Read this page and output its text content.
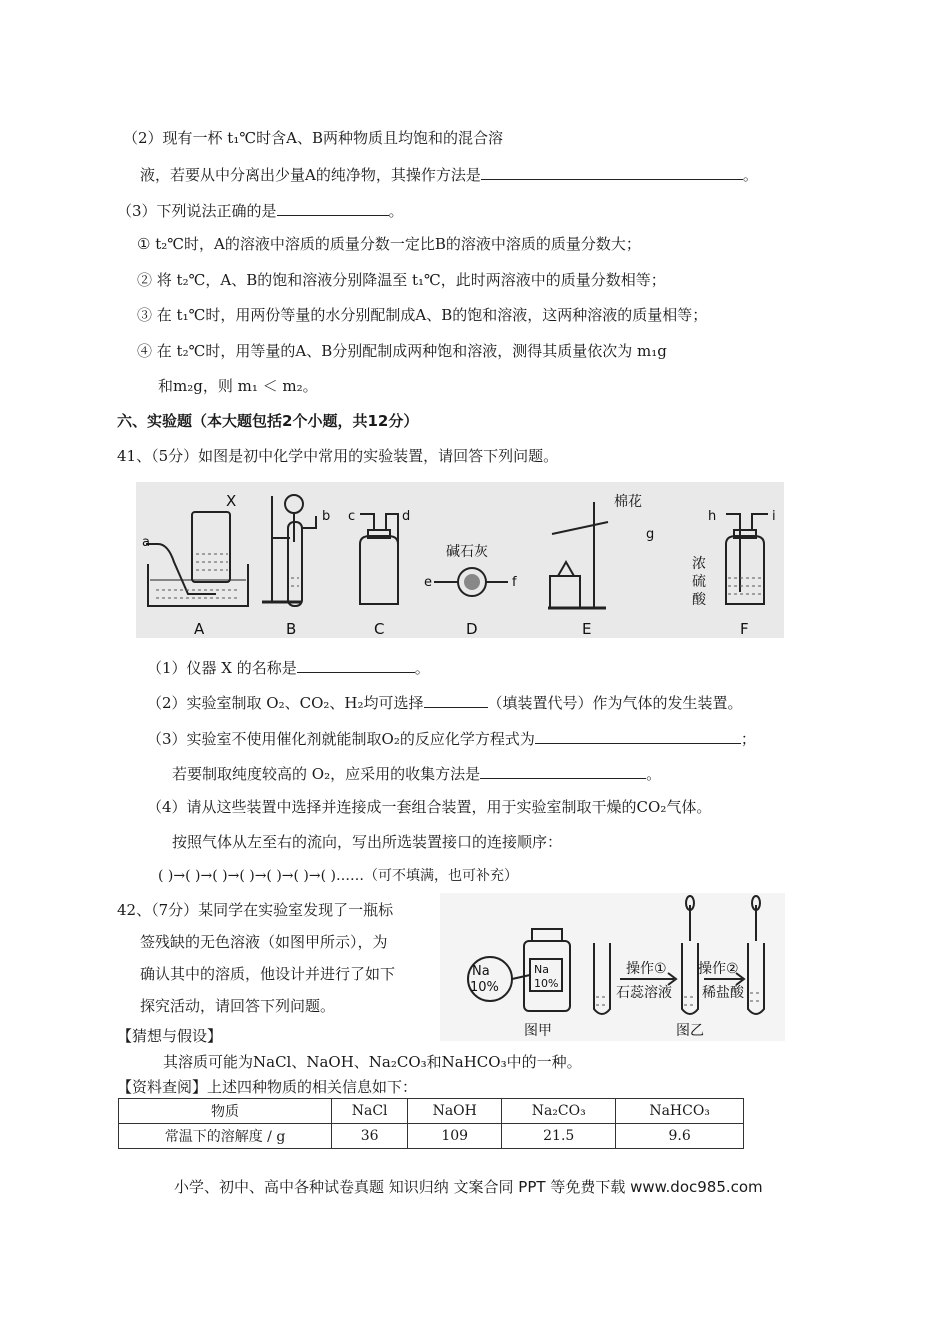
（2）现有一杯 t₁℃时含A、B两种物质且均饱和的混合溶
液，若要从中分离出少量A的纯净物，其操作方法是	。
（3）下列说法正确的是	。
① t₂℃时，A的溶液中溶质的质量分数一定比B的溶液中溶质的质量分数大；
② 将 t₂℃，A、B的饱和溶液分别降温至 t₁℃，此时两溶液中的质量分数相等；
③ 在 t₁℃时，用两份等量的水分别配制成A、B的饱和溶液，这两种溶液的质量相等；
④ 在 t₂℃时，用等量的A、B分别配制成两种饱和溶液，测得其质量依次为 m₁g
和m₂g，则 m₁ ＜ m₂。
六、实验题（本大题包括2个小题，共12分）
41、（5分）如图是初中化学中常用的实验装置，请回答下列问题。
A	B	C	D	E	F
X
a
b c	d
e	f
g
h	i
棉花
碱石灰
浓
硫
酸
（1）仪器 X 的名称是	。
（2）实验室制取 O₂、CO₂、H₂均可选择	（填装置代号）作为气体的发生装置。
（3）实验室不使用催化剂就能制取O₂的反应化学方程式为	；
若要制取纯度较高的 O₂，应采用的收集方法是	。
（4）请从这些装置中选择并连接成一套组合装置，用于实验室制取干燥的CO₂气体。
按照气体从左至右的流向，写出所选装置接口的连接顺序：
( )→( )→( )→( )→( )→( )→( )……（可不填满，也可补充）
42、（7分）某同学在实验室发现了一瓶标
签残缺的无色溶液（如图甲所示），为
确认其中的溶质，他设计并进行了如下
探究活动，请回答下列问题。
Na
10%
Na
10%
操作①
石蕊溶液
操作②
稀盐酸
图甲	图乙
【猜想与假设】
其溶质可能为NaCl、NaOH、Na₂CO₃和NaHCO₃中的一种。
【资料查阅】上述四种物质的相关信息如下：
物质	NaCl	NaOH	Na₂CO₃	NaHCO₃
常温下的溶解度 / g	36	109	21.5	9.6
小学、初中、高中各种试卷真题 知识归纳 文案合同 PPT 等免费下载 www.doc985.com
